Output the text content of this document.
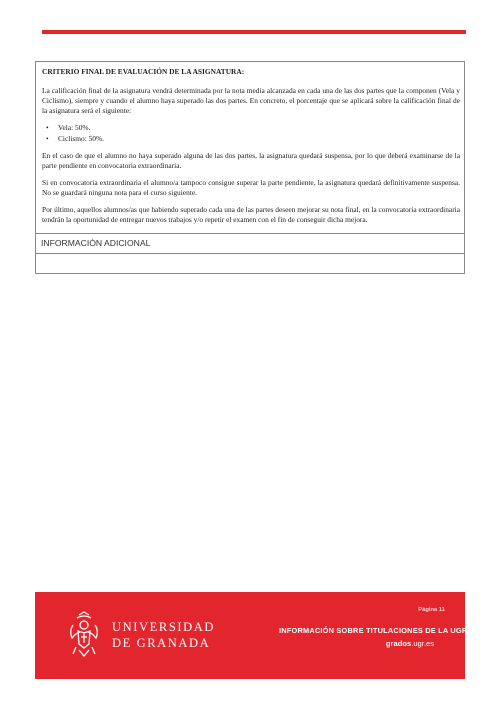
CRITERIO FINAL DE EVALUACIÓN DE LA ASIGNATURA:

La calificación final de la asignatura vendrá determinada por la nota media alcanzada en cada una de las dos partes que la componen (Vela y Ciclismo), siempre y cuando el alumno haya superado las dos partes. En concreto, el porcentaje que se aplicará sobre la calificación final de la asignatura será el siguiente:

•	Vela: 50%.
•	Ciclismo: 50%.

En el caso de que el alumno no haya superado alguna de las dos partes, la asignatura quedará suspensa, por lo que deberá examinarse de la parte pendiente en convocatoria extraordinaria.

Si en convocatoria extraordinaria el alumno/a tampoco consigue superar la parte pendiente, la asignatura quedará definitivamente suspensa. No se guardará ninguna nota para el curso siguiente.

Por último, aquellos alumnos/as que habiendo superado cada una de las partes deseen mejorar su nota final, en la convocatoria extraordinaria tendrán la oportunidad de entregar nuevos trabajos y/o repetir el examen con el fin de conseguir dicha mejora.

INFORMACIÓN ADICIONAL
UNIVERSIDAD
DE GRANADA
Página 11
INFORMACIÓN SOBRE TITULACIONES DE LA UGR
grados.ugr.es
